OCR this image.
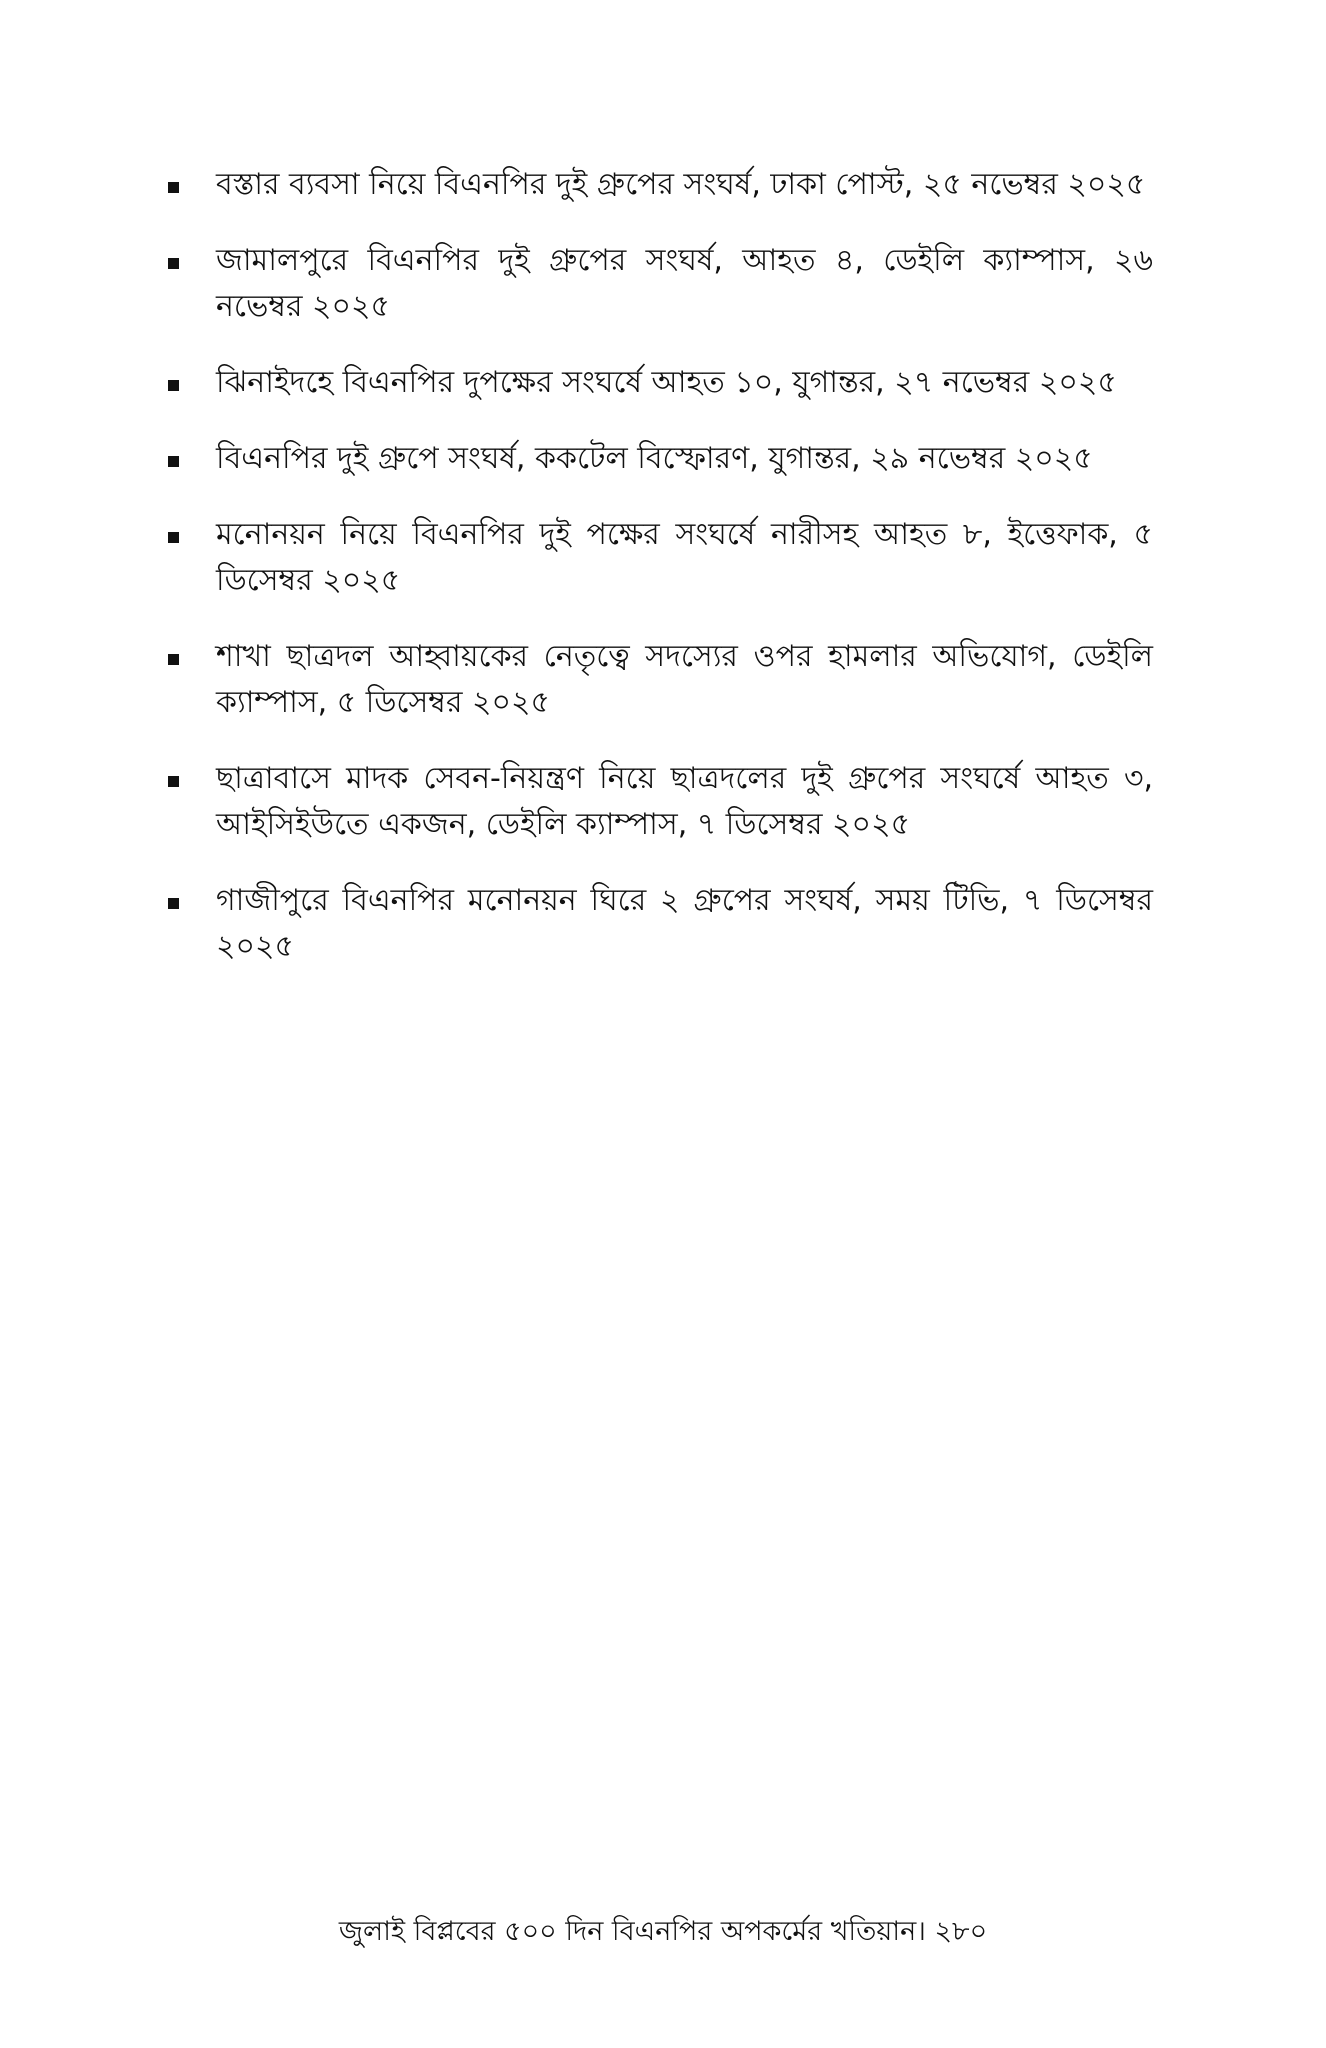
বস্তার ব্যবসা নিয়ে বিএনপির দুই গ্রুপের সংঘর্ষ, ঢাকা পোস্ট, ২৫ নভেম্বর ২০২৫
জামালপুরে বিএনপির দুই গ্রুপের সংঘর্ষ, আহত ৪, ডেইলি ক্যাম্পাস, ২৬ নভেম্বর ২০২৫
ঝিনাইদহে বিএনপির দুপক্ষের সংঘর্ষে আহত ১০, যুগান্তর, ২৭ নভেম্বর ২০২৫
বিএনপির দুই গ্রুপে সংঘর্ষ, ককটেল বিস্ফোরণ, যুগান্তর, ২৯ নভেম্বর ২০২৫
মনোনয়ন নিয়ে বিএনপির দুই পক্ষের সংঘর্ষে নারীসহ আহত ৮, ইত্তেফাক, ৫ ডিসেম্বর ২০২৫
শাখা ছাত্রদল আহ্বায়কের নেতৃত্বে সদস্যের ওপর হামলার অভিযোগ, ডেইলি ক্যাম্পাস, ৫ ডিসেম্বর ২০২৫
ছাত্রাবাসে মাদক সেবন-নিয়ন্ত্রণ নিয়ে ছাত্রদলের দুই গ্রুপের সংঘর্ষে আহত ৩, আইসিইউতে একজন, ডেইলি ক্যাম্পাস, ৭ ডিসেম্বর ২০২৫
গাজীপুরে বিএনপির মনোনয়ন ঘিরে ২ গ্রুপের সংঘর্ষ, সময় টিভি, ৭ ডিসেম্বর ২০২৫
জুলাই বিপ্লবের ৫০০ দিন বিএনপির অপকর্মের খতিয়ান। ২৮০
